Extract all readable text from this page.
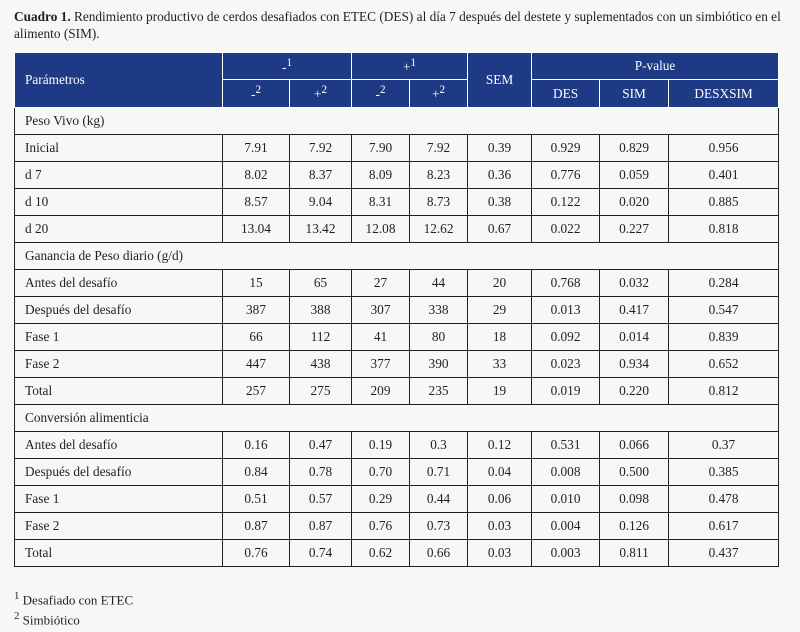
Cuadro 1. Rendimiento productivo de cerdos desafiados con ETEC (DES) al día 7 después del destete y suplementados con un simbiótico en el alimento (SIM).
Parámetros	-$^1$		+$^1$		SEM	P-value		
	-$^2$	+$^2$	-$^2$	+$^2$		DES	SIM	DESXSIM
Peso Vivo (kg)								
Inicial	7.91	7.92	7.90	7.92	0.39	0.929	0.829	0.956
d 7	8.02	8.37	8.09	8.23	0.36	0.776	0.059	0.401
d 10	8.57	9.04	8.31	8.73	0.38	0.122	0.020	0.885
d 20	13.04	13.42	12.08	12.62	0.67	0.022	0.227	0.818
Ganancia de Peso diario (g/d)								
Antes del desafío	15	65	27	44	20	0.768	0.032	0.284
Después del desafío	387	388	307	338	29	0.013	0.417	0.547
Fase 1	66	112	41	80	18	0.092	0.014	0.839
Fase 2	447	438	377	390	33	0.023	0.934	0.652
Total	257	275	209	235	19	0.019	0.220	0.812
Conversión alimenticia								
Antes del desafío	0.16	0.47	0.19	0.3	0.12	0.531	0.066	0.37
Después del desafío	0.84	0.78	0.70	0.71	0.04	0.008	0.500	0.385
Fase 1	0.51	0.57	0.29	0.44	0.06	0.010	0.098	0.478
Fase 2	0.87	0.87	0.76	0.73	0.03	0.004	0.126	0.617
Total	0.76	0.74	0.62	0.66	0.03	0.003	0.811	0.437
$^1$ Desafiado con ETEC
$^2$ Simbiótico
